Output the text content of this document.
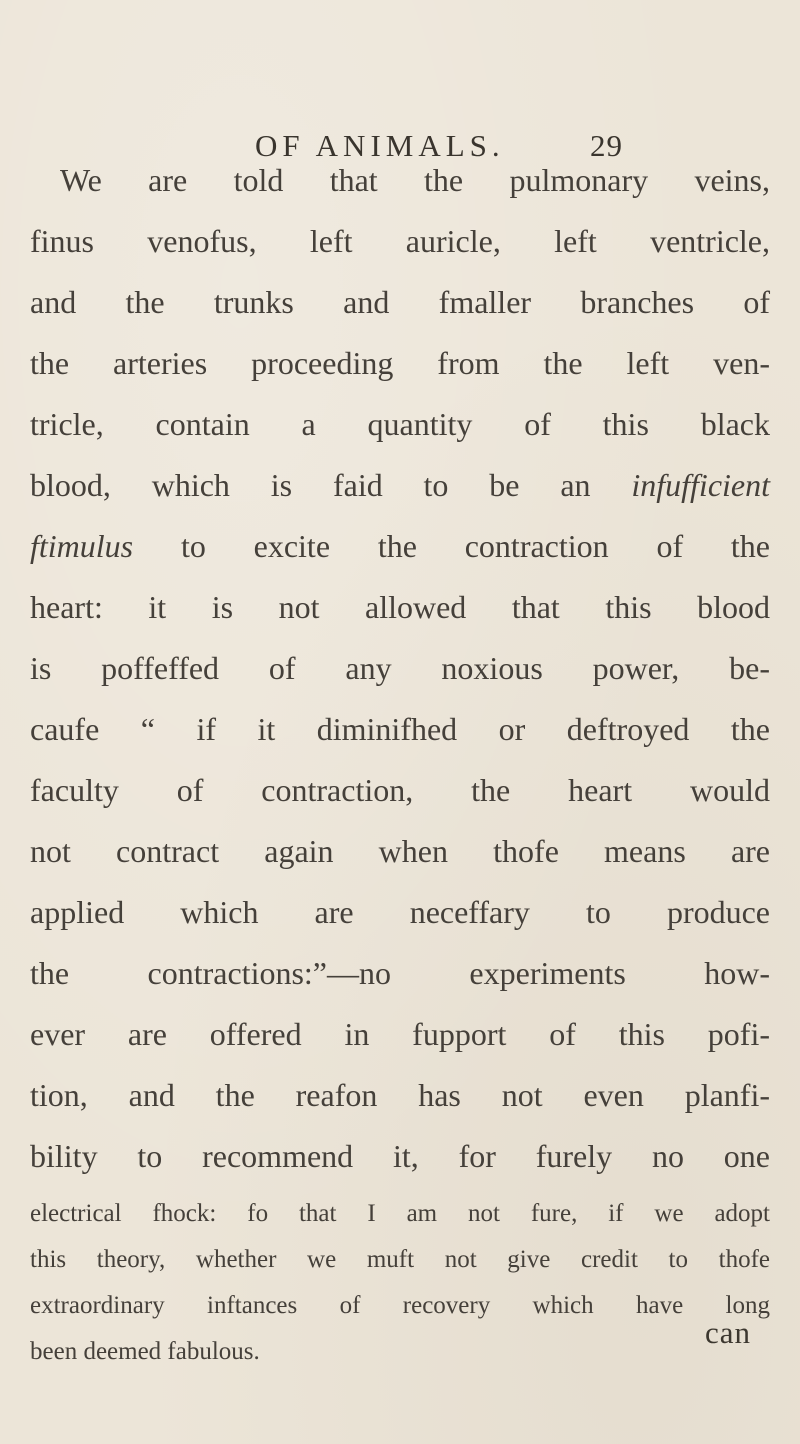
OF ANIMALS.	29
We are told that the pulmonary veins,
finus venofus, left auricle, left ventricle,
and the trunks and fmaller branches of
the arteries proceeding from the left ven-
tricle, contain a quantity of this black
blood, which is faid to be an infufficient
ftimulus to excite the contraction of the
heart: it is not allowed that this blood
is poffeffed of any noxious power, be-
caufe “ if it diminifhed or deftroyed the
faculty of contraction, the heart would
not contract again when thofe means are
applied which are neceffary to produce
the contractions:”—no experiments how-
ever are offered in fupport of this pofi-
tion, and the reafon has not even planfi-
bility to recommend it, for furely no one
electrical fhock: fo that I am not fure, if we adopt
this theory, whether we muft not give credit to thofe
extraordinary inftances of recovery which have long
been deemed fabulous.
can
